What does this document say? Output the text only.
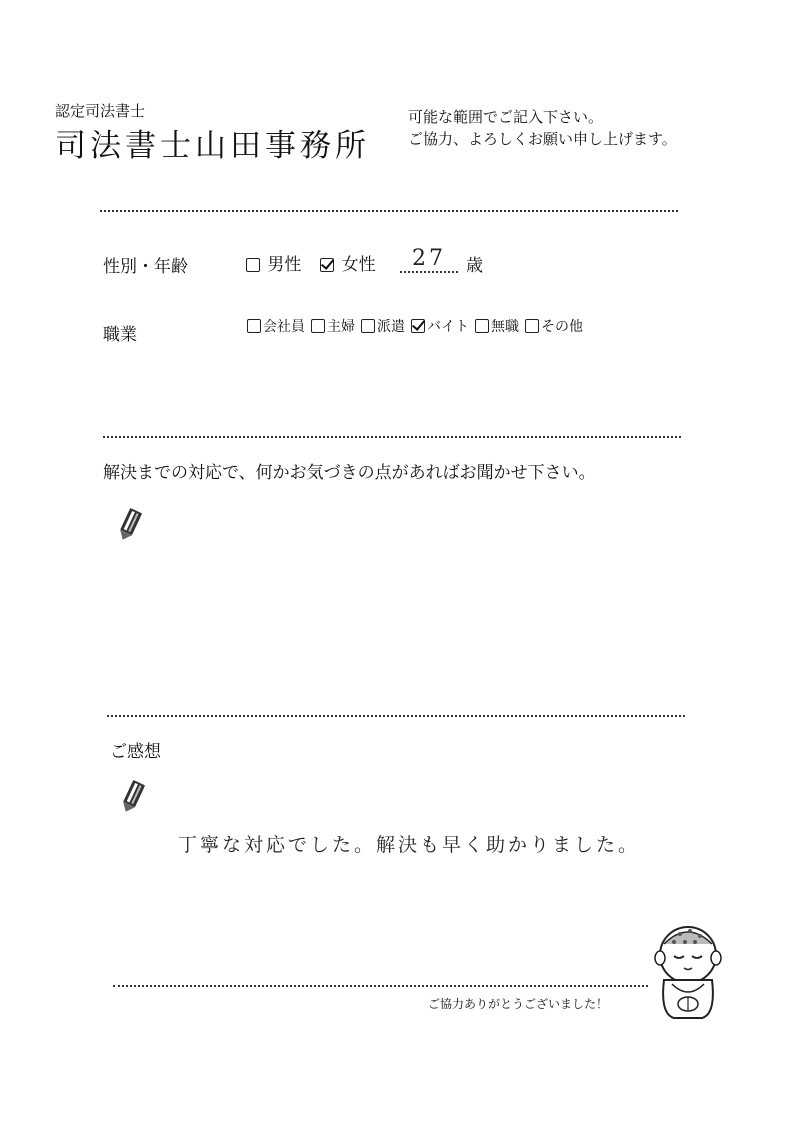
認定司法書士
司法書士山田事務所
可能な範囲でご記入下さい。
ご協力、よろしくお願い申し上げます。
性別・年齢	男性 女性	27	歳
職業	会社員 主婦 派遣 バイト 無職 その他
解決までの対応で、何かお気づきの点があればお聞かせ下さい。
ご感想
丁寧な対応でした。解決も早く助かりました。
ご協力ありがとうございました！
